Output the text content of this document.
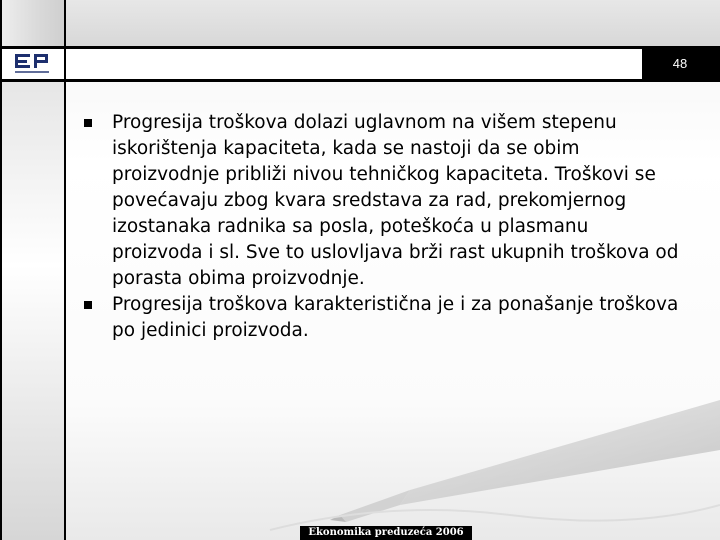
48
Progresija troškova dolazi uglavnom na višem stepenu iskorištenja kapaciteta, kada se nastoji da se obim proizvodnje približi nivou tehničkog kapaciteta. Troškovi se povećavaju zbog kvara sredstava za rad, prekomjernog izostanaka radnika sa posla, poteškoća u plasmanu proizvoda i sl. Sve to uslovljava brži rast ukupnih troškova od porasta obima proizvodnje.
Progresija troškova karakteristična je i za ponašanje troškova po jedinici proizvoda.
Ekonomika preduzeća 2006
